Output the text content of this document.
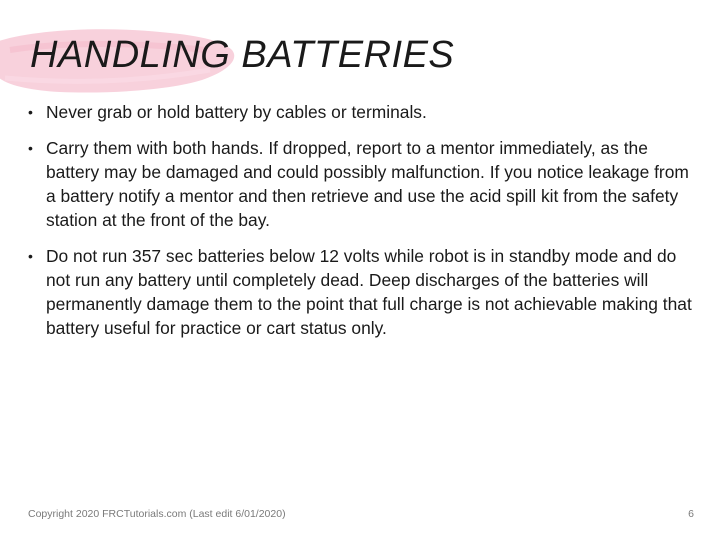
HANDLING BATTERIES
• Never grab or hold battery by cables or terminals.
• Carry them with both hands. If dropped, report to a mentor immediately, as the battery may be damaged and could possibly malfunction. If you notice leakage from a battery notify a mentor and then retrieve and use the acid spill kit from the safety station at the front of the bay.
• Do not run 357 sec batteries below 12 volts while robot is in standby mode and do not run any battery until completely dead. Deep discharges of the batteries will permanently damage them to the point that full charge is not achievable making that battery useful for practice or cart status only.
Copyright 2020 FRCTutorials.com (Last edit 6/01/2020)	6
